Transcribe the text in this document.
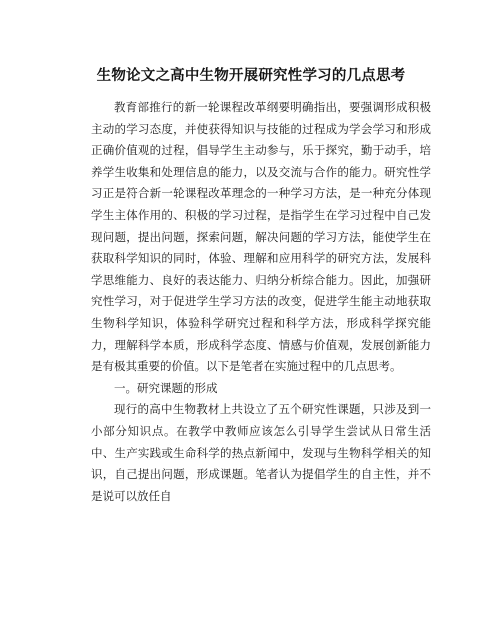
生物论文之高中生物开展研究性学习的几点思考

教育部推行的新一轮课程改革纲要明确指出，要强调形成积极主动的学习态度，并使获得知识与技能的过程成为学会学习和形成正确价值观的过程，倡导学生主动参与，乐于探究，勤于动手，培养学生收集和处理信息的能力，以及交流与合作的能力。研究性学习正是符合新一轮课程改革理念的一种学习方法，是一种充分体现学生主体作用的、积极的学习过程，是指学生在学习过程中自己发现问题，提出问题，探索问题，解决问题的学习方法，能使学生在获取科学知识的同时，体验、理解和应用科学的研究方法，发展科学思维能力、良好的表达能力、归纳分析综合能力。因此，加强研究性学习，对于促进学生学习方法的改变，促进学生能主动地获取生物科学知识，体验科学研究过程和科学方法，形成科学探究能力，理解科学本质，形成科学态度、情感与价值观，发展创新能力是有极其重要的价值。以下是笔者在实施过程中的几点思考。

一。研究课题的形成

现行的高中生物教材上共设立了五个研究性课题，只涉及到一小部分知识点。在教学中教师应该怎么引导学生尝试从日常生活中、生产实践或生命科学的热点新闻中，发现与生物科学相关的知识，自己提出问题，形成课题。笔者认为提倡学生的自主性，并不是说可以放任自
